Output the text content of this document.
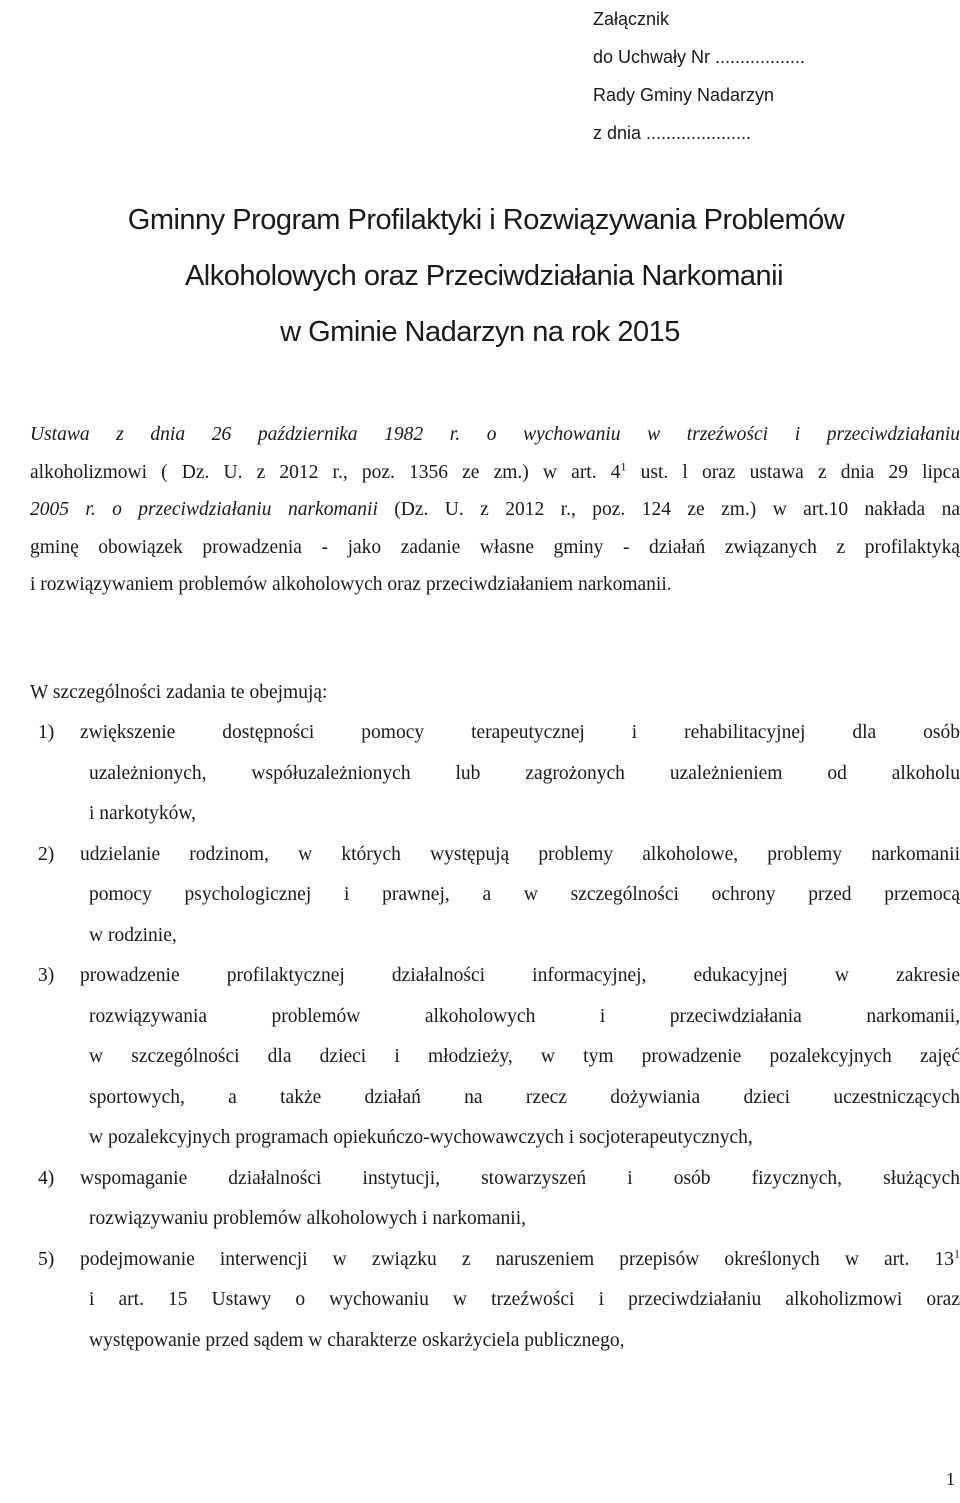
Załącznik
do Uchwały Nr ..................
Rady Gminy Nadarzyn
z dnia .....................
Gminny Program Profilaktyki i Rozwiązywania Problemów
Alkoholowych oraz Przeciwdziałania Narkomanii
w Gminie Nadarzyn na rok 2015
Ustawa z dnia 26 października 1982 r. o wychowaniu w trzeźwości i przeciwdziałaniu
alkoholizmowi ( Dz. U. z 2012 r., poz. 1356 ze zm.) w art. $4^1$ ust. l oraz ustawa z dnia 29 lipca
2005 r. o przeciwdziałaniu narkomanii (Dz. U. z 2012 r., poz. 124 ze zm.) w art.10 nakłada na
gminę obowiązek prowadzenia - jako zadanie własne gminy - działań związanych z profilaktyką
i rozwiązywaniem problemów alkoholowych oraz przeciwdziałaniem narkomanii.
W szczególności zadania te obejmują:
1) zwiększenie dostępności pomocy terapeutycznej i rehabilitacyjnej dla osób
uzależnionych, współuzależnionych lub zagrożonych uzależnieniem od alkoholu
i narkotyków,
2) udzielanie rodzinom, w których występują problemy alkoholowe, problemy narkomanii
pomocy psychologicznej i prawnej, a w szczególności ochrony przed przemocą
w rodzinie,
3) prowadzenie profilaktycznej działalności informacyjnej, edukacyjnej w zakresie
rozwiązywania problemów alkoholowych i przeciwdziałania narkomanii,
w szczególności dla dzieci i młodzieży, w tym prowadzenie pozalekcyjnych zajęć
sportowych, a także działań na rzecz dożywiania dzieci uczestniczących
w pozalekcyjnych programach opiekuńczo-wychowawczych i socjoterapeutycznych,
4) wspomaganie działalności instytucji, stowarzyszeń i osób fizycznych, służących
rozwiązywaniu problemów alkoholowych i narkomanii,
5) podejmowanie interwencji w związku z naruszeniem przepisów określonych w art. $13^1$
i art. 15 Ustawy o wychowaniu w trzeźwości i przeciwdziałaniu alkoholizmowi oraz
występowanie przed sądem w charakterze oskarżyciela publicznego,
1
